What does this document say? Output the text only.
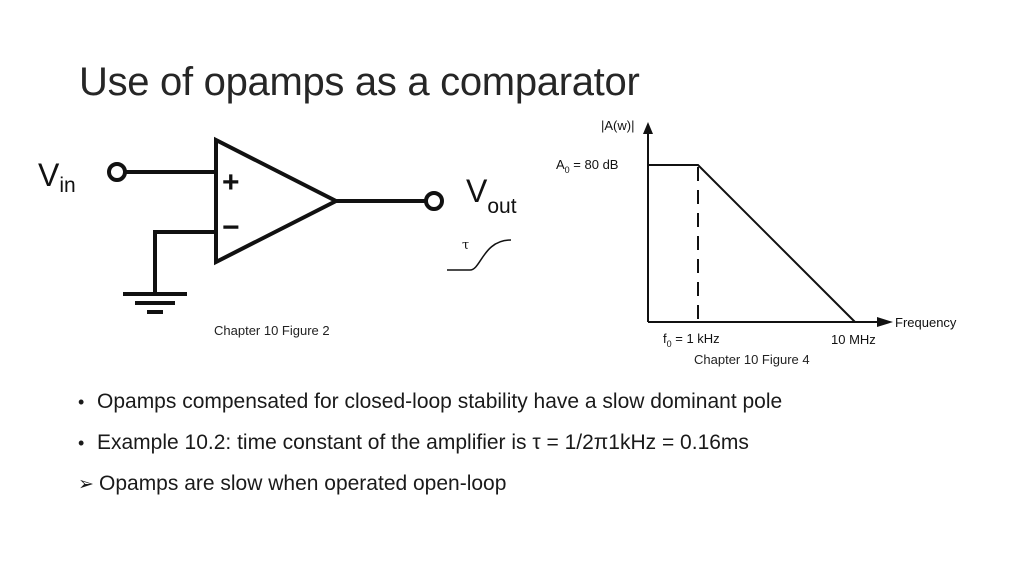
Use of opamps as a comparator
Vin	+
−
$V_{out}$
τ
|A(w)|
Frequency
$A_0 = 80$ dB
$f_0 = 1$ kHz	10 MHz
Chapter 10 Figure 2
Chapter 10 Figure 4
• Opamps compensated for closed-loop stability have a slow dominant pole
• Example 10.2: time constant of the amplifier is τ = 1/2π1kHz = 0.16ms
➢ Opamps are slow when operated open-loop
